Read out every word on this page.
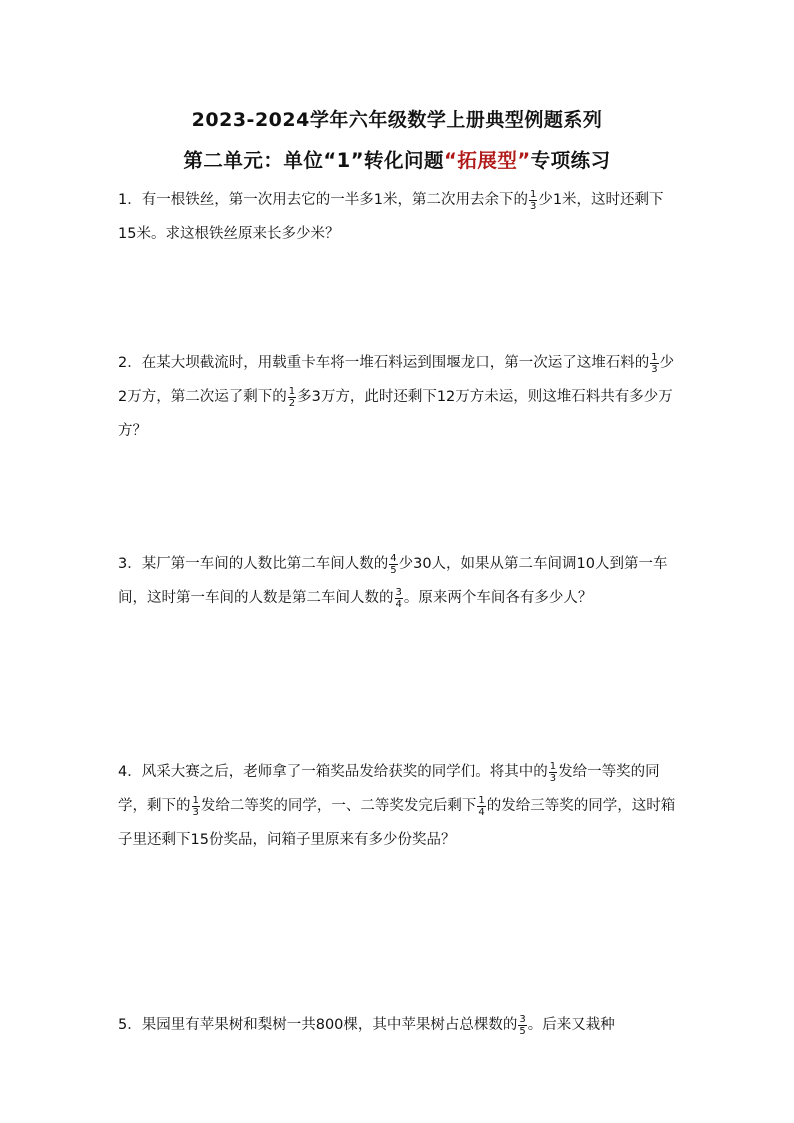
2023-2024学年六年级数学上册典型例题系列
第二单元：单位“1”转化问题“拓展型”专项练习

1．有一根铁丝，第一次用去它的一半多1米，第二次用去余下的 $\frac{1}{3}$ 少1米，这时还剩下15米。求这根铁丝原来长多少米？

2．在某大坝截流时，用载重卡车将一堆石料运到围堰龙口，第一次运了这堆石料的 $\frac{1}{3}$ 少2万方，第二次运了剩下的 $\frac{1}{2}$ 多3万方，此时还剩下12万方未运，则这堆石料共有多少万方？

3．某厂第一车间的人数比第二车间人数的 $\frac{4}{5}$ 少30人，如果从第二车间调10人到第一车间，这时第一车间的人数是第二车间人数的 $\frac{3}{4}$ 。原来两个车间各有多少人？

4．风采大赛之后，老师拿了一箱奖品发给获奖的同学们。将其中的 $\frac{1}{3}$ 发给一等奖的同学，剩下的 $\frac{1}{3}$ 发给二等奖的同学，一、二等奖发完后剩下 $\frac{1}{4}$ 的发给三等奖的同学，这时箱子里还剩下15份奖品，问箱子里原来有多少份奖品？

5．果园里有苹果树和梨树一共800棵，其中苹果树占总棵数的 $\frac{3}{5}$ 。后来又栽种
